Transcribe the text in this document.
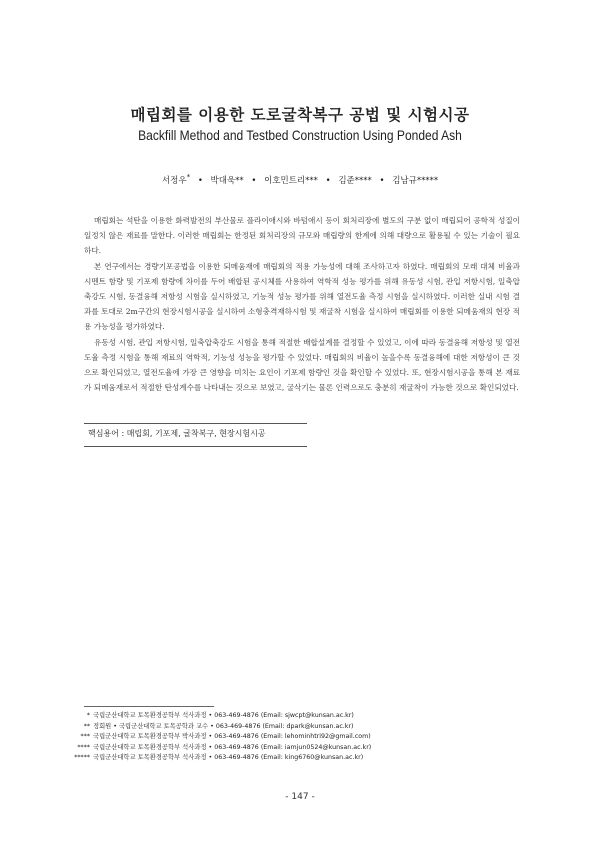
매립회를 이용한 도로굴착복구 공법 및 시험시공
Backfill Method and Testbed Construction Using Ponded Ash
서정우* • 박대욱** • 이호민트리*** • 김준**** • 김남규*****

매립회는 석탄을 이용한 화력발전의 부산물로 플라이애시와 바텀애시 등이 회처리장에 별도의 구분 없이 매립되어 공학적 성질이 일정치 않은 재료를 말한다. 이러한 매립회는 한정된 회처리장의 규모와 매립량의 한계에 의해 대량으로 활용될 수 있는 기술이 필요하다.

본 연구에서는 경량기포공법을 이용한 되메움재에 매립회의 적용 가능성에 대해 조사하고자 하였다. 매립회의 모래 대체 비율과 시멘트 함량 및 기포제 함량에 차이를 두어 배합된 공시체를 사용하여 역학적 성능 평가를 위해 유동성 시험, 관입 저항시험, 일축압축강도 시험, 동결융해 저항성 시험을 실시하였고, 기능적 성능 평가를 위해 열전도율 측정 시험을 실시하였다. 이러한 실내 시험 결과를 토대로 2m구간의 현장시험시공을 실시하여 소형충격재하시험 및 재굴착 시험을 실시하여 매립회를 이용한 되메움재의 현장 적용 가능성을 평가하였다.

유동성 시험, 관입 저항시험, 일축압축강도 시험을 통해 적절한 배합설계를 결정할 수 있었고, 이에 따라 동결융해 저항성 및 열전도율 측정 시험을 통해 재료의 역학적, 기능성 성능을 평가할 수 있었다. 매립회의 비율이 높을수록 동결융해에 대한 저항성이 큰 것으로 확인되었고, 열전도율에 가장 큰 영향을 미치는 요인이 기포제 함량인 것을 확인할 수 있었다. 또, 현장시험시공을 통해 본 재료가 되메움재로서 적절한 탄성계수를 나타내는 것으로 보였고, 굴삭기는 물론 인력으로도 충분히 재굴착이 가능한 것으로 확인되었다.

핵심용어 : 매립회, 기포제, 굴착복구, 현장시험시공
* 국립군산대학교 토목환경공학부 석사과정 • 063-469-4876 (Email: sjwcpt@kunsan.ac.kr)
** 정회원 • 국립군산대학교 토목공학과 교수 • 063-469-4876 (Email: dpark@kunsan.ac.kr)
*** 국립군산대학교 토목환경공학부 박사과정 • 063-469-4876 (Email: lehominhtri92@gmail.com)
**** 국립군산대학교 토목환경공학부 석사과정 • 063-469-4876 (Email: iamjun0524@kunsan.ac.kr)
***** 국립군산대학교 토목환경공학부 석사과정 • 063-469-4876 (Email: king6760@kunsan.ac.kr)
- 147 -
